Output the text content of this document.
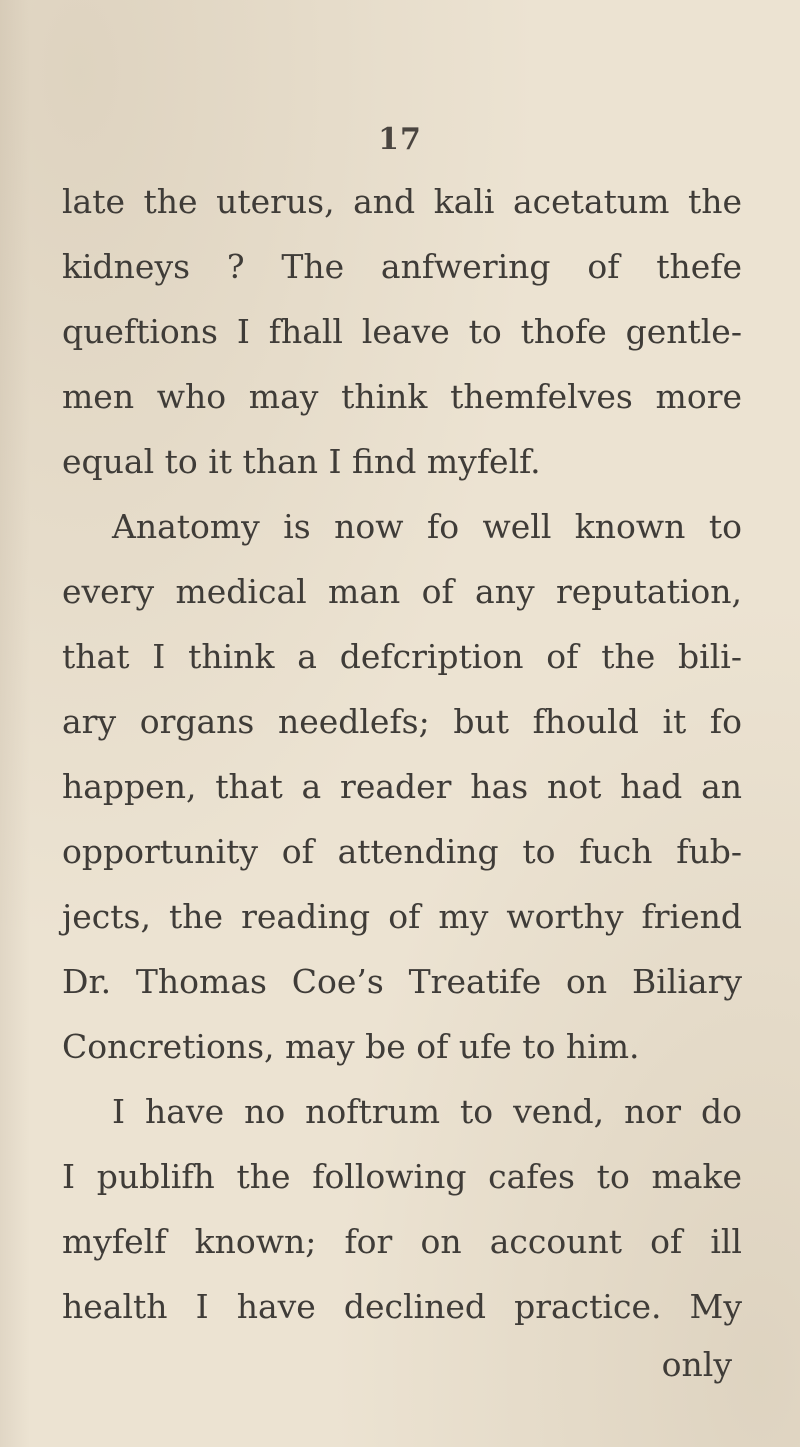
17
late the uterus, and kali acetatum the
kidneys ? The anfwering of thefe
queftions I fhall leave to thofe gentle-
men who may think themfelves more
equal to it than I find myfelf.
Anatomy is now fo well known to
every medical man of any reputation,
that I think a defcription of the bili-
ary organs needlefs; but fhould it fo
happen, that a reader has not had an
opportunity of attending to fuch fub-
jects, the reading of my worthy friend
Dr. Thomas Coe’s Treatife on Biliary
Concretions, may be of ufe to him.
I have no noftrum to vend, nor do
I publifh the following cafes to make
myfelf known; for on account of ill
health I have declined practice. My
only
